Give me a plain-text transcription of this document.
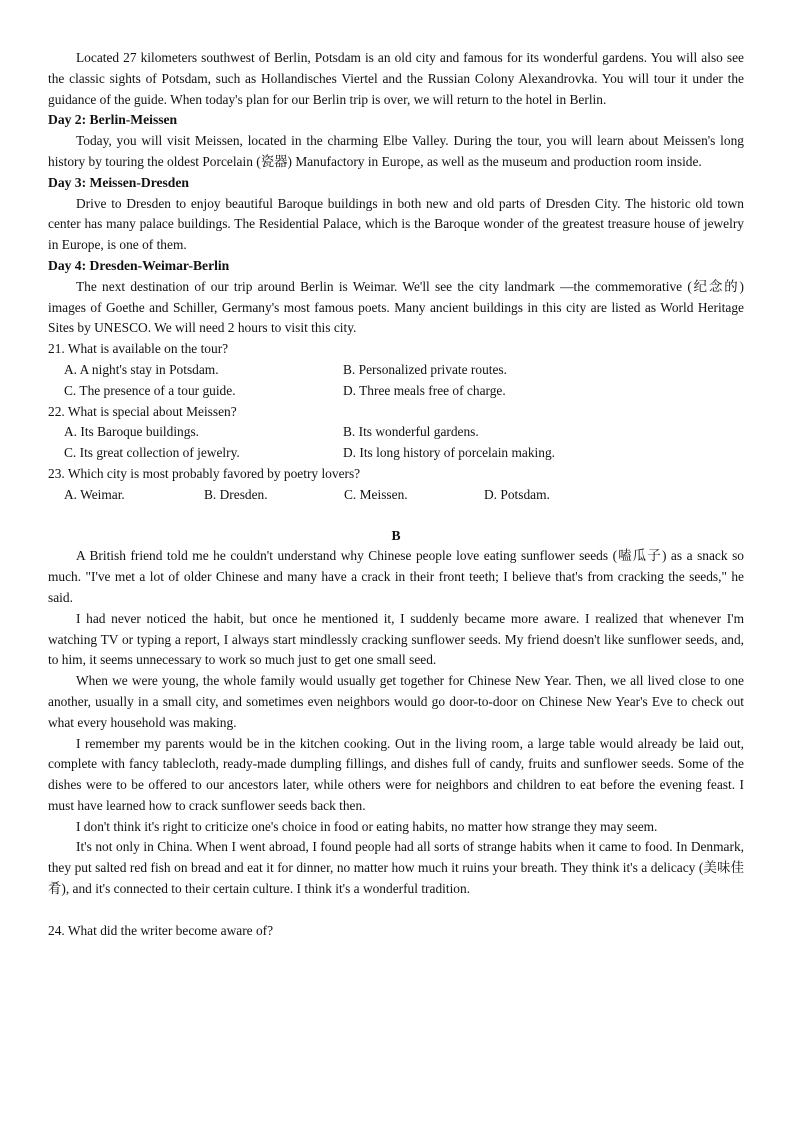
Located 27 kilometers southwest of Berlin, Potsdam is an old city and famous for its wonderful gardens. You will also see the classic sights of Potsdam, such as Hollandisches Viertel and the Russian Colony Alexandrovka. You will tour it under the guidance of the guide. When today's plan for our Berlin trip is over, we will return to the hotel in Berlin.

Day 2: Berlin-Meissen

Today, you will visit Meissen, located in the charming Elbe Valley. During the tour, you will learn about Meissen's long history by touring the oldest Porcelain (瓷器) Manufactory in Europe, as well as the museum and production room inside.

Day 3: Meissen-Dresden

Drive to Dresden to enjoy beautiful Baroque buildings in both new and old parts of Dresden City. The historic old town center has many palace buildings. The Residential Palace, which is the Baroque wonder of the greatest treasure house of jewelry in Europe, is one of them.

Day 4: Dresden-Weimar-Berlin

The next destination of our trip around Berlin is Weimar. We'll see the city landmark —the commemorative (纪念的) images of Goethe and Schiller, Germany's most famous poets. Many ancient buildings in this city are listed as World Heritage Sites by UNESCO. We will need 2 hours to visit this city.

21. What is available on the tour?
A. A night's stay in Potsdam.	B. Personalized private routes.
C. The presence of a tour guide.	D. Three meals free of charge.
22. What is special about Meissen?
A. Its Baroque buildings.	B. Its wonderful gardens.
C. Its great collection of jewelry.	D. Its long history of porcelain making.
23. Which city is most probably favored by poetry lovers?
A. Weimar.	B. Dresden.	C. Meissen.	D. Potsdam.
B

A British friend told me he couldn't understand why Chinese people love eating sunflower seeds (嗑瓜子) as a snack so much. "I've met a lot of older Chinese and many have a crack in their front teeth; I believe that's from cracking the seeds," he said.

I had never noticed the habit, but once he mentioned it, I suddenly became more aware. I realized that whenever I'm watching TV or typing a report, I always start mindlessly cracking sunflower seeds. My friend doesn't like sunflower seeds, and, to him, it seems unnecessary to work so much just to get one small seed.

When we were young, the whole family would usually get together for Chinese New Year. Then, we all lived close to one another, usually in a small city, and sometimes even neighbors would go door-to-door on Chinese New Year's Eve to check out what every household was making.

I remember my parents would be in the kitchen cooking. Out in the living room, a large table would already be laid out, complete with fancy tablecloth, ready-made dumpling fillings, and dishes full of candy, fruits and sunflower seeds. Some of the dishes were to be offered to our ancestors later, while others were for neighbors and children to eat before the evening feast. I must have learned how to crack sunflower seeds back then.

I don't think it's right to criticize one's choice in food or eating habits, no matter how strange they may seem.

It's not only in China. When I went abroad, I found people had all sorts of strange habits when it came to food. In Denmark, they put salted red fish on bread and eat it for dinner, no matter how much it ruins your breath. They think it's a delicacy (美味佳肴), and it's connected to their certain culture. I think it's a wonderful tradition.

24. What did the writer become aware of?
